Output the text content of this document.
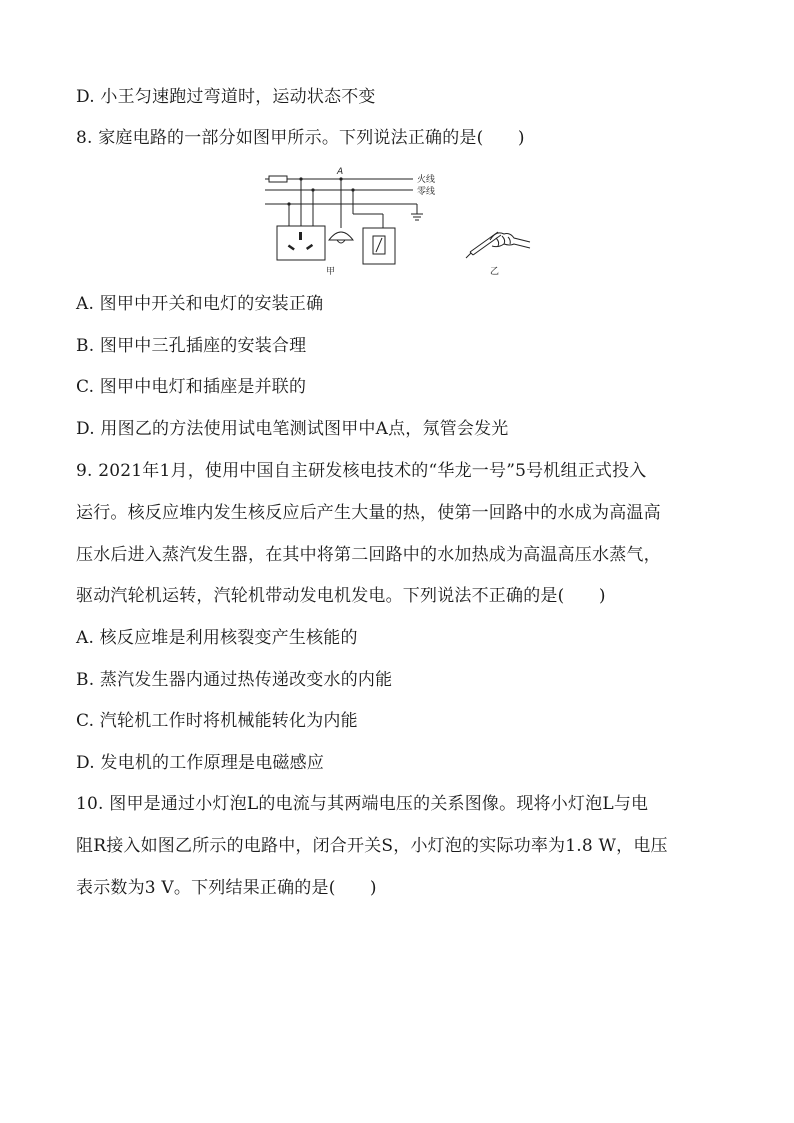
D. 小王匀速跑过弯道时，运动状态不变
8. 家庭电路的一部分如图甲所示。下列说法正确的是(　　)
A
火线
零线
甲	乙
A. 图甲中开关和电灯的安装正确
B. 图甲中三孔插座的安装合理
C. 图甲中电灯和插座是并联的
D. 用图乙的方法使用试电笔测试图甲中A点，氖管会发光
9. 2021年1月，使用中国自主研发核电技术的“华龙一号”5号机组正式投入
运行。核反应堆内发生核反应后产生大量的热，使第一回路中的水成为高温高
压水后进入蒸汽发生器，在其中将第二回路中的水加热成为高温高压水蒸气，
驱动汽轮机运转，汽轮机带动发电机发电。下列说法不正确的是(　　)
A. 核反应堆是利用核裂变产生核能的
B. 蒸汽发生器内通过热传递改变水的内能
C. 汽轮机工作时将机械能转化为内能
D. 发电机的工作原理是电磁感应
10. 图甲是通过小灯泡L的电流与其两端电压的关系图像。现将小灯泡L与电
阻R接入如图乙所示的电路中，闭合开关S，小灯泡的实际功率为1.8 W，电压
表示数为3 V。下列结果正确的是(　　)
